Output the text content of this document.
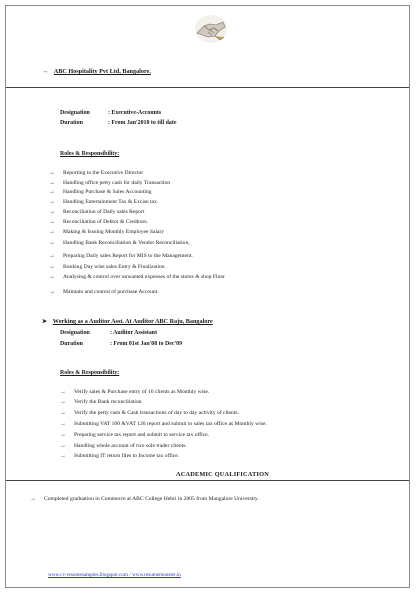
→ ABC Hospitality Pvt Ltd, Bangalore.
Designation	: Executive-Accounts
Duration	: From Jan'2010 to till date
Roles & Responsibility:
→	Reporting to the Executive Director
→	Handling office petty cash for daily Transaction
→	Handling Purchase & Sales Accounting
→	Handling Entertainment Tax & Excise tax
→	Reconciliation of Daily sales Report
→	Reconciliation of Debtor & Creditors.
→	Making & Issuing Monthly Employee Salary
→	Handling Bank Reconciliation & Vendor Reconciliation,
→	Preparing Daily sales Report for MIS to the Management.
→	Booking Day wise sales Entry & Finalization
→	Analysing & control over unwanted expenses of the stores & shop Floor
→	Maintain and control of purchase Account.
➤ Working as a Auditor Asst. At Auditor ABC Raju, Bangalore
Designation	: Auditor Assistant
Duration	: From 01st Jan'08 to Dec'09
Roles & Responsibility:
→	Verify sales & Purchase entry of 16 clients as Monthly wise.
→	Verify the Bank reconciliation
→	Verify the petty cash & Cash transactions of day to day activity of clients.
→	Submitting VAT 100 &VAT 120 report and submit to sales tax office as Monthly wise.
→	Preparing service tax report and submit to service tax office.
→	Handling whole account of two sole trader clients.
→	Submitting IT return files to Income tax office.
ACADEMIC QUALIFICATION
→	Completed graduation in Commerce at ABC College Hebri in 2005 from Mangalore University.
www.cv-resumesamples.blogspot.com / www.resumemonster.in
